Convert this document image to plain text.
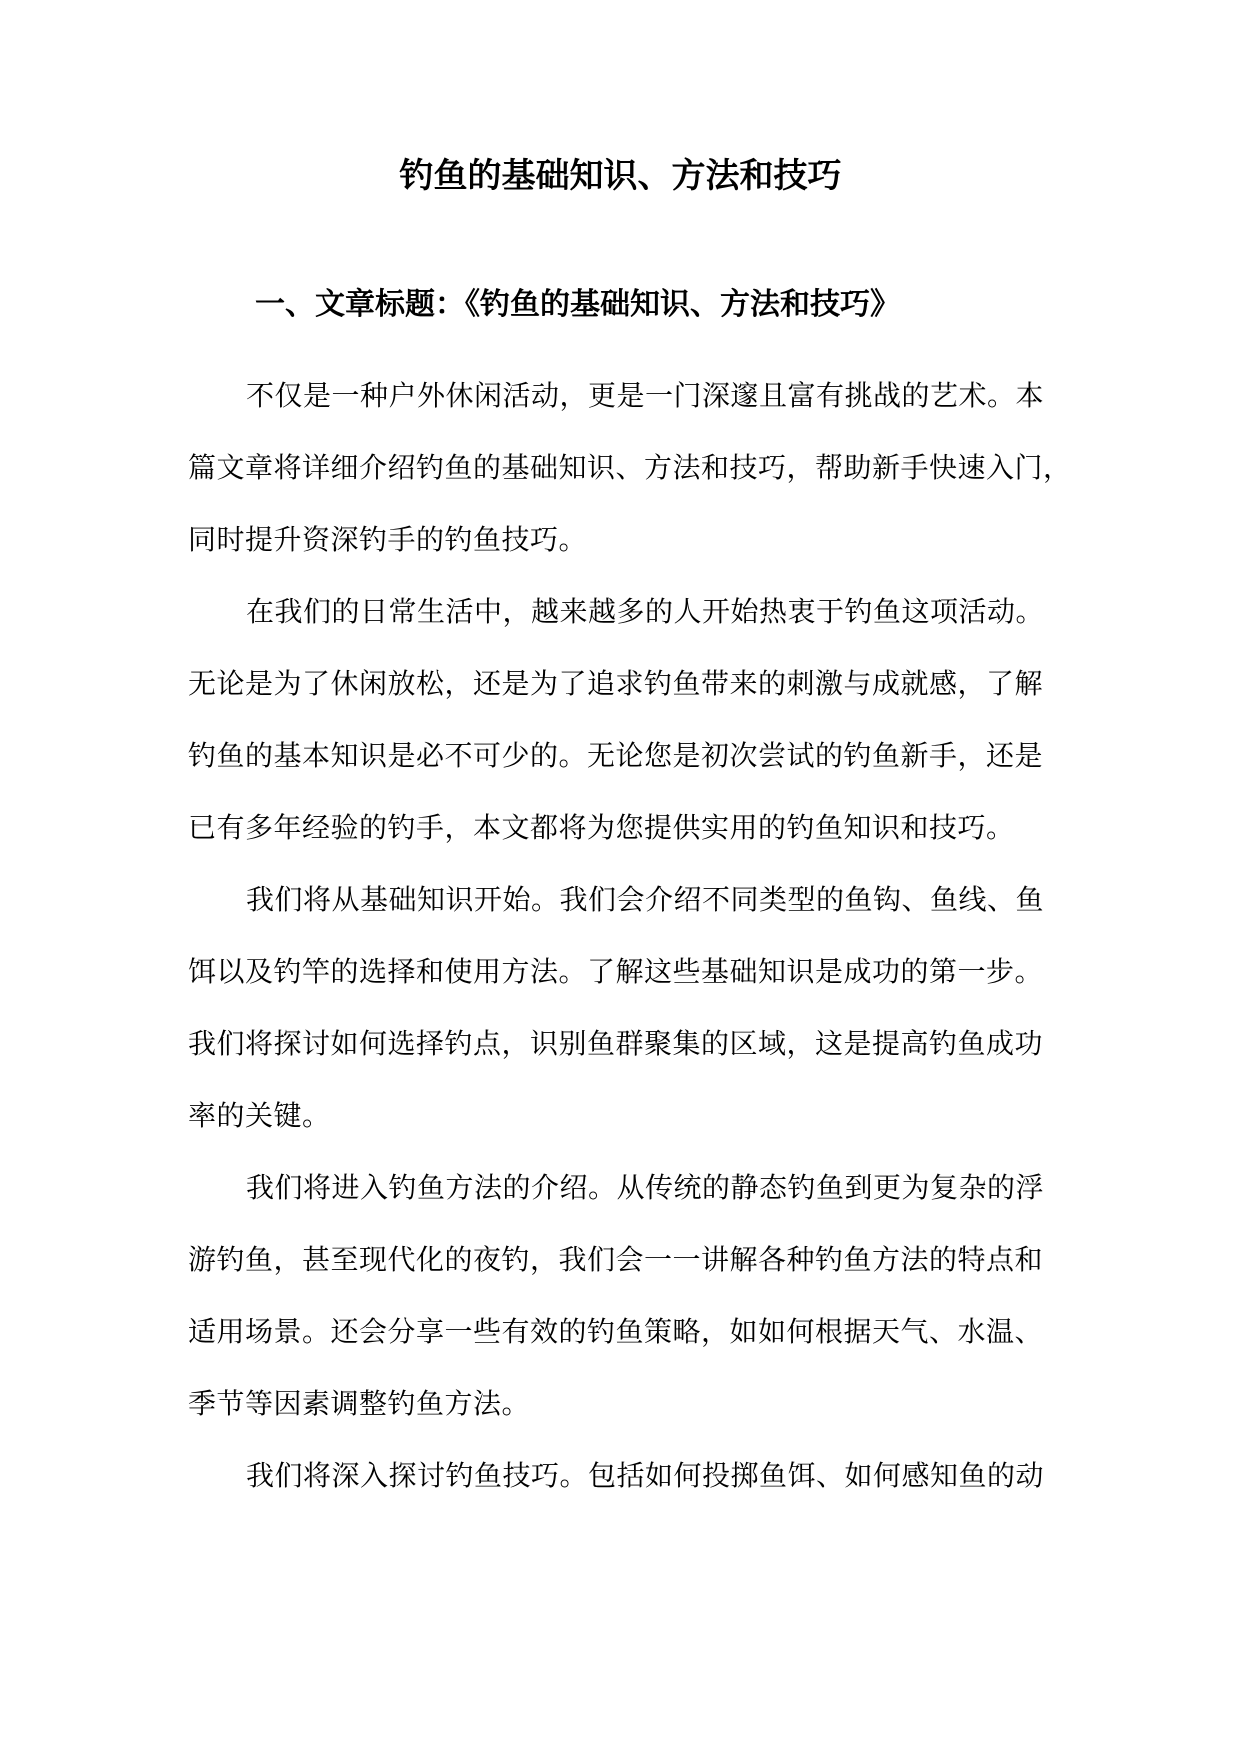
钓鱼的基础知识、方法和技巧
一、文章标题：《钓鱼的基础知识、方法和技巧》

不仅是一种户外休闲活动，更是一门深邃且富有挑战的艺术。本
篇文章将详细介绍钓鱼的基础知识、方法和技巧，帮助新手快速入门，
同时提升资深钓手的钓鱼技巧。

在我们的日常生活中，越来越多的人开始热衷于钓鱼这项活动。
无论是为了休闲放松，还是为了追求钓鱼带来的刺激与成就感，了解
钓鱼的基本知识是必不可少的。无论您是初次尝试的钓鱼新手，还是
已有多年经验的钓手，本文都将为您提供实用的钓鱼知识和技巧。

我们将从基础知识开始。我们会介绍不同类型的鱼钩、鱼线、鱼
饵以及钓竿的选择和使用方法。了解这些基础知识是成功的第一步。
我们将探讨如何选择钓点，识别鱼群聚集的区域，这是提高钓鱼成功
率的关键。

我们将进入钓鱼方法的介绍。从传统的静态钓鱼到更为复杂的浮
游钓鱼，甚至现代化的夜钓，我们会一一讲解各种钓鱼方法的特点和
适用场景。还会分享一些有效的钓鱼策略，如如何根据天气、水温、
季节等因素调整钓鱼方法。

我们将深入探讨钓鱼技巧。包括如何投掷鱼饵、如何感知鱼的动
